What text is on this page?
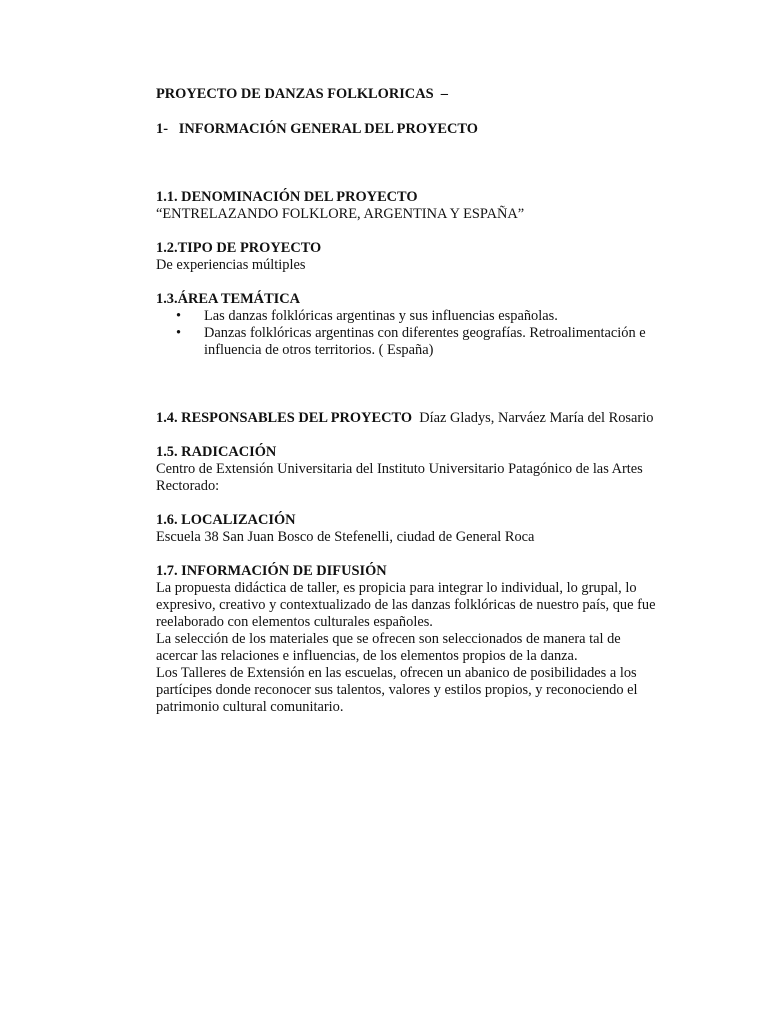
PROYECTO DE DANZAS FOLKLORICAS  –
1-   INFORMACIÓN GENERAL DEL PROYECTO
1.1. DENOMINACIÓN DEL PROYECTO
“ENTRELAZANDO FOLKLORE, ARGENTINA Y ESPAÑA”
1.2.TIPO DE PROYECTO
De experiencias múltiples
1.3.ÁREA TEMÁTICA
• Las danzas folklóricas argentinas y sus influencias españolas.
• Danzas folklóricas argentinas con diferentes geografías. Retroalimentación e influencia de otros territorios. ( España)
1.4. RESPONSABLES DEL PROYECTO Díaz Gladys, Narváez María del Rosario
1.5. RADICACIÓN
Centro de Extensión Universitaria del Instituto Universitario Patagónico de las Artes
Rectorado:
1.6. LOCALIZACIÓN
Escuela 38 San Juan Bosco de Stefenelli, ciudad de General Roca
1.7. INFORMACIÓN DE DIFUSIÓN

La propuesta didáctica de taller, es propicia para integrar lo individual, lo grupal, lo expresivo, creativo y contextualizado de las danzas folklóricas de nuestro país, que fue reelaborado con elementos culturales españoles.

La selección de los materiales que se ofrecen son seleccionados de manera tal de acercar las relaciones e influencias, de los elementos propios de la danza.

Los Talleres de Extensión en las escuelas, ofrecen un abanico de posibilidades a los partícipes donde reconocer sus talentos, valores y estilos propios, y reconociendo el patrimonio cultural comunitario.
